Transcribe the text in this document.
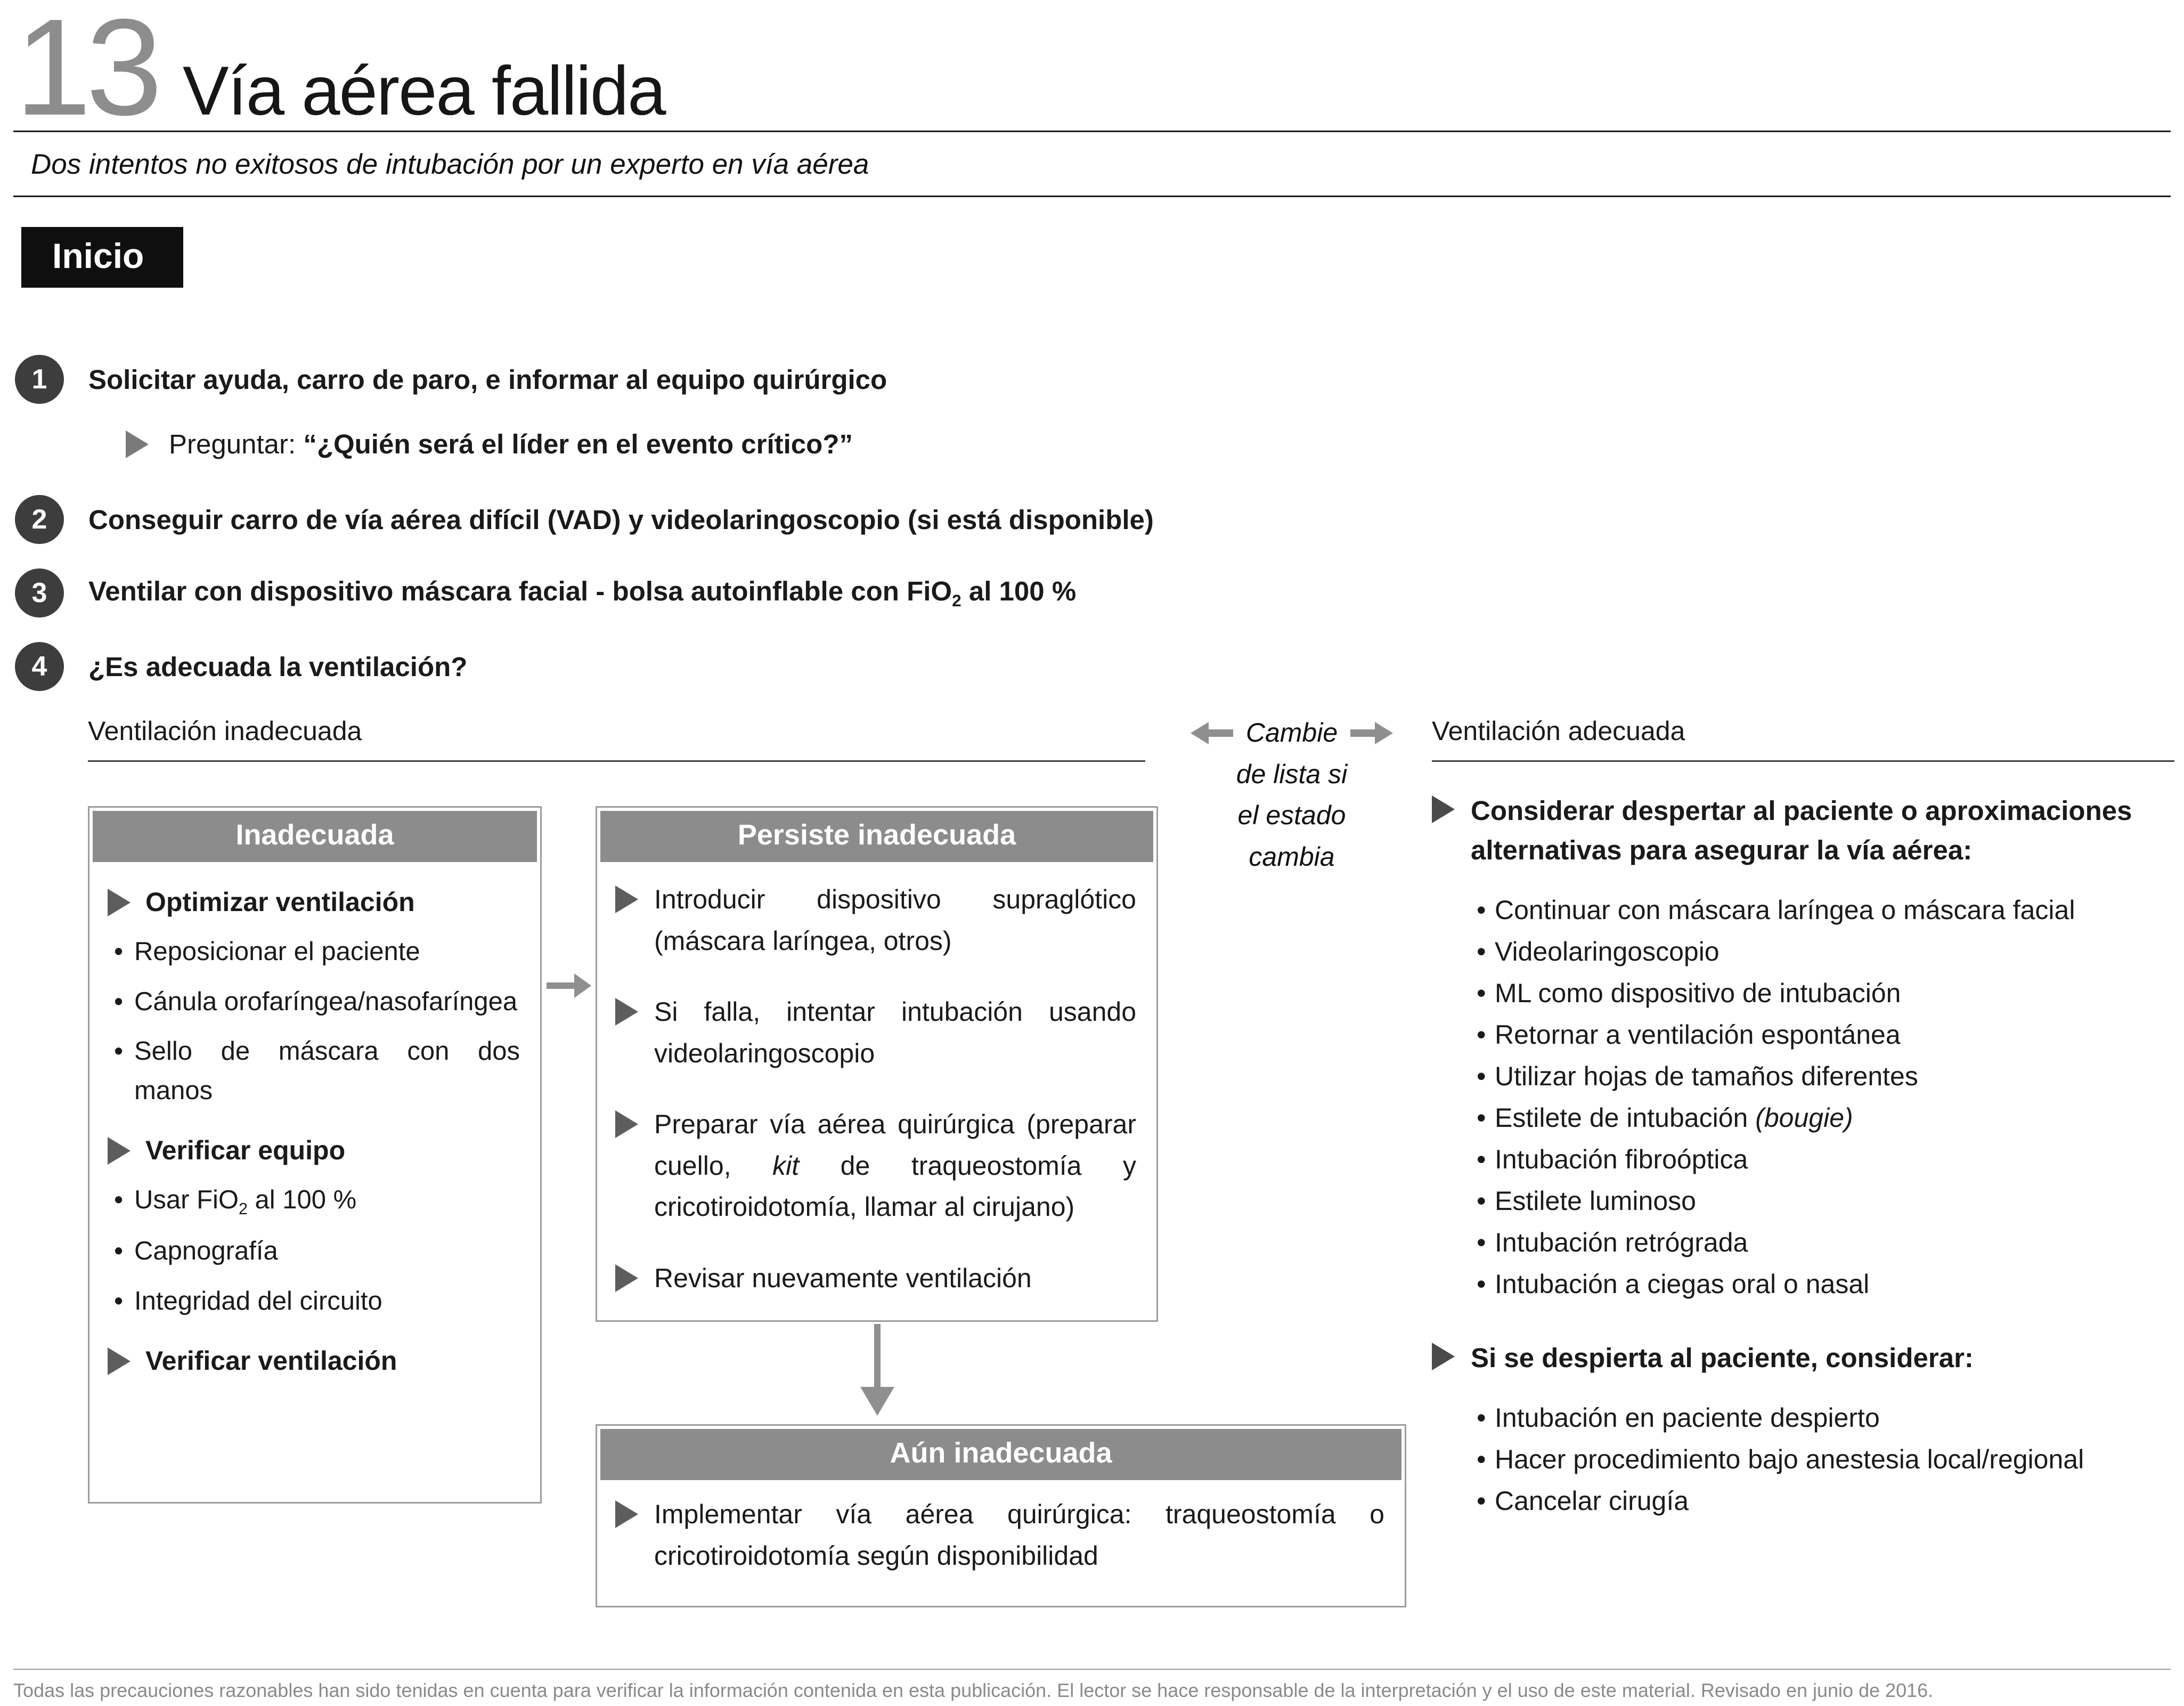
13 Vía aérea fallida

Dos intentos no exitosos de intubación por un experto en vía aérea

Inicio
1	Solicitar ayuda, carro de paro, e informar al equipo quirúrgico
Preguntar: “¿Quién será el líder en el evento crítico?”
2	Conseguir carro de vía aérea difícil (VAD) y videolaringoscopio (si está disponible)
3	Ventilar con dispositivo máscara facial - bolsa autoinflable con FiO$_2$ al 100 %
4	¿Es adecuada la ventilación?
Ventilación inadecuada	Ventilación adecuada
Cambie
de lista si
el estado
cambia
Inadecuada
Optimizar ventilación
• Reposicionar el paciente
• Cánula orofaríngea/nasofaríngea
• Sello de máscara con dos manos
Verificar equipo
• Usar FiO$_2$ al 100 %
• Capnografía
• Integridad del circuito
Verificar ventilación
Persiste inadecuada
Introducir dispositivo supraglótico (máscara laríngea, otros)
Si falla, intentar intubación usando videolaringoscopio
Preparar vía aérea quirúrgica (preparar cuello, kit de traqueostomía y cricotiroidotomía, llamar al cirujano)
Revisar nuevamente ventilación
Aún inadecuada
Implementar vía aérea quirúrgica: traqueostomía o cricotiroidotomía según disponibilidad
Considerar despertar al paciente o aproximaciones alternativas para asegurar la vía aérea:
• Continuar con máscara laríngea o máscara facial
• Videolaringoscopio
• ML como dispositivo de intubación
• Retornar a ventilación espontánea
• Utilizar hojas de tamaños diferentes
• Estilete de intubación (bougie)
• Intubación fibroóptica
• Estilete luminoso
• Intubación retrógrada
• Intubación a ciegas oral o nasal
Si se despierta al paciente, considerar:
• Intubación en paciente despierto
• Hacer procedimiento bajo anestesia local/regional
• Cancelar cirugía

Todas las precauciones razonables han sido tenidas en cuenta para verificar la información contenida en esta publicación. El lector se hace responsable de la interpretación y el uso de este material. Revisado en junio de 2016.
